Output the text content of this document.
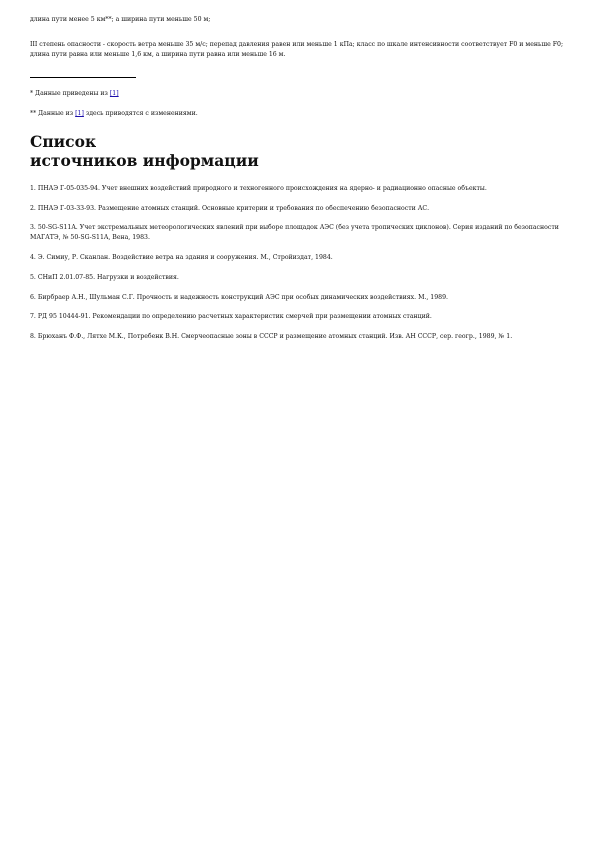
длина пути менее 5 км**; а ширина пути меньше 50 м;

III степень опасности - скорость ветра меньше 35 м/с; перепад давления равен или меньше 1 кПа; класс по шкале интенсивности соответствует F0 и меньше F0; длина пути равна или меньше 1,6 км, а ширина пути равна или меньше 16 м.

* Данные приведены из [1]

** Данные из [1] здесь приводятся с изменениями.

Список
источников информации

1. ПНАЭ Г-05-035-94. Учет внешних воздействий природного и техногенного происхождения на ядерно- и радиационно опасные объекты.

2. ПНАЭ Г-03-33-93. Размещение атомных станций. Основные критерии и требования по обеспечению безопасности АС.

3. 50-SG-S11A. Учет экстремальных метеорологических явлений при выборе площадок АЭС (без учета тропических циклонов). Серия изданий по безопасности МАГАТЭ, № 50-SG-S11A, Вена, 1983.

4. Э. Симиу, Р. Сканлан. Воздействие ветра на здания и сооружения. М., Стройиздат, 1984.

5. СНиП 2.01.07-85. Нагрузки и воздействия.

6. Бирбраер А.Н., Шульман С.Г. Прочность и надежность конструкций АЭС при особых динамических воздействиях. М., 1989.

7. РД 95 10444-91. Рекомендации по определению расчетных характеристик смерчей при размещении атомных станций.

8. Брюханъ Ф.Ф., Лятхе М.К., Потребенк В.Н. Смерчеопасные зоны в СССР и размещение атомных станций. Изв. АН СССР, сер. геогр., 1989, № 1.
